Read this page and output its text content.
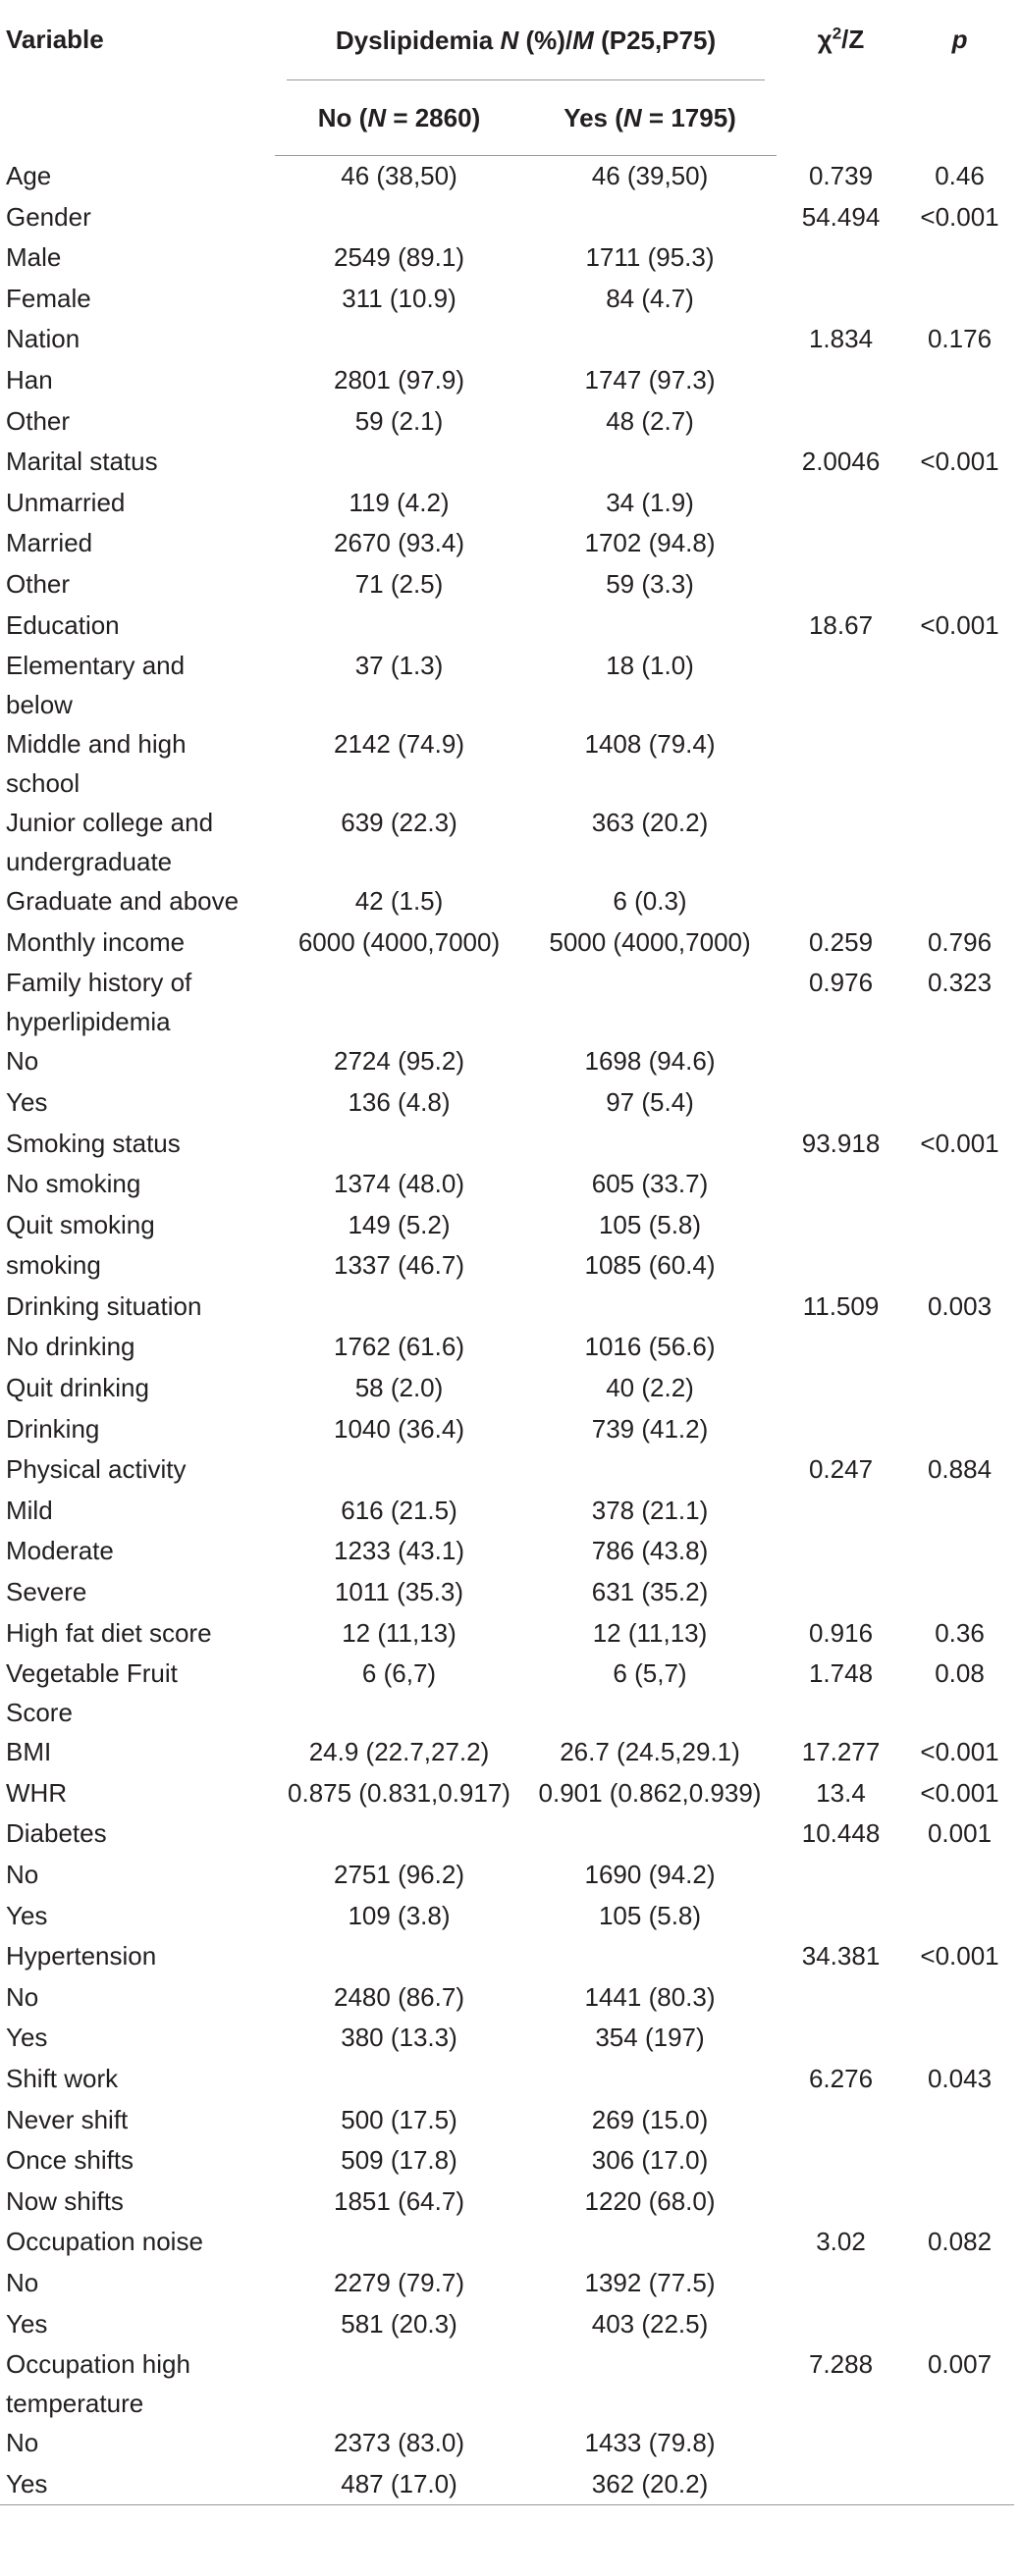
Variable	Dyslipidemia N (%)/M (P25,P75)		$\chi^2/Z$	p
	No (N = 2860)	Yes (N = 1795)		
Age	46 (38,50)	46 (39,50)	0.739	0.46
Gender			54.494	<0.001
Male	2549 (89.1)	1711 (95.3)		
Female	311 (10.9)	84 (4.7)		
Nation			1.834	0.176
Han	2801 (97.9)	1747 (97.3)		
Other	59 (2.1)	48 (2.7)		
Marital status			2.0046	<0.001
Unmarried	119 (4.2)	34 (1.9)		
Married	2670 (93.4)	1702 (94.8)		
Other	71 (2.5)	59 (3.3)		
Education			18.67	<0.001
Elementary and below	37 (1.3)	18 (1.0)		
Middle and high school	2142 (74.9)	1408 (79.4)		
Junior college and undergraduate	639 (22.3)	363 (20.2)		
Graduate and above	42 (1.5)	6 (0.3)		
Monthly income	6000 (4000,7000)	5000 (4000,7000)	0.259	0.796
Family history of hyperlipidemia			0.976	0.323
No	2724 (95.2)	1698 (94.6)		
Yes	136 (4.8)	97 (5.4)		
Smoking status			93.918	<0.001
No smoking	1374 (48.0)	605 (33.7)		
Quit smoking	149 (5.2)	105 (5.8)		
smoking	1337 (46.7)	1085 (60.4)		
Drinking situation			11.509	0.003
No drinking	1762 (61.6)	1016 (56.6)		
Quit drinking	58 (2.0)	40 (2.2)		
Drinking	1040 (36.4)	739 (41.2)		
Physical activity			0.247	0.884
Mild	616 (21.5)	378 (21.1)		
Moderate	1233 (43.1)	786 (43.8)		
Severe	1011 (35.3)	631 (35.2)		
High fat diet score	12 (11,13)	12 (11,13)	0.916	0.36
Vegetable Fruit Score	6 (6,7)	6 (5,7)	1.748	0.08
BMI	24.9 (22.7,27.2)	26.7 (24.5,29.1)	17.277	<0.001
WHR	0.875 (0.831,0.917)	0.901 (0.862,0.939)	13.4	<0.001
Diabetes			10.448	0.001
No	2751 (96.2)	1690 (94.2)		
Yes	109 (3.8)	105 (5.8)		
Hypertension			34.381	<0.001
No	2480 (86.7)	1441 (80.3)		
Yes	380 (13.3)	354 (197)		
Shift work			6.276	0.043
Never shift	500 (17.5)	269 (15.0)		
Once shifts	509 (17.8)	306 (17.0)		
Now shifts	1851 (64.7)	1220 (68.0)		
Occupation noise			3.02	0.082
No	2279 (79.7)	1392 (77.5)		
Yes	581 (20.3)	403 (22.5)		
Occupation high temperature			7.288	0.007
No	2373 (83.0)	1433 (79.8)		
Yes	487 (17.0)	362 (20.2)		
